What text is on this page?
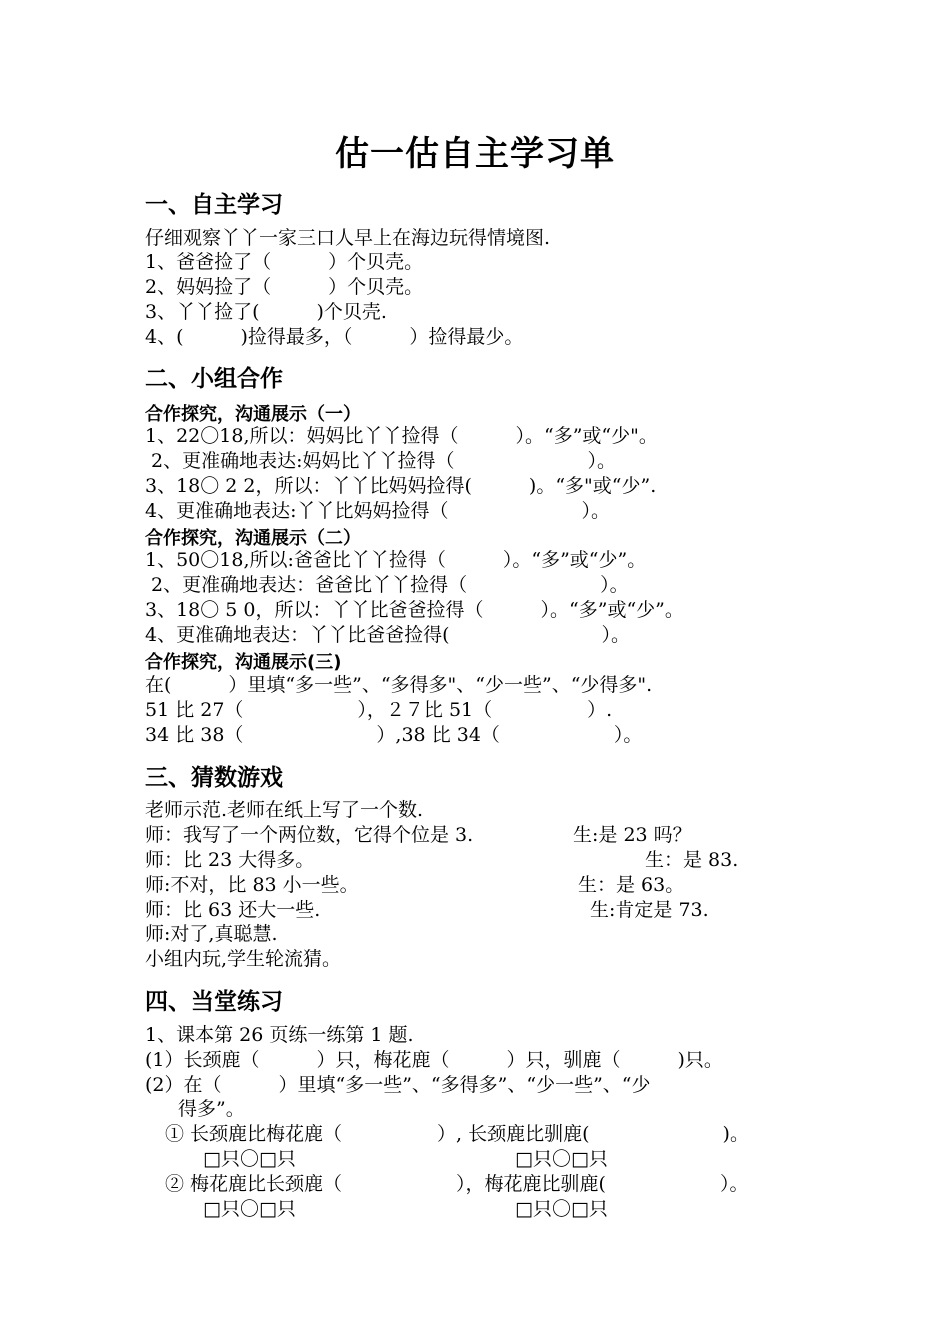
估一估自主学习单
一、自主学习
仔细观察丫丫一家三口人早上在海边玩得情境图.
1、爸爸捡了（　　　）个贝壳。
2、妈妈捡了（　　　）个贝壳。
3、丫丫捡了(　　　)个贝壳.
4、(　　　)捡得最多，（　　　）捡得最少。
二、小组合作
合作探究，沟通展示（一）
1、22〇18,所以：妈妈比丫丫捡得（　　　）。“多”或“少"。
2、更准确地表达:妈妈比丫丫捡得（　　　　　　　）。
3、18〇 2 2，所以：丫丫比妈妈捡得(　　　)。“多"或“少”.
4、更准确地表达:丫丫比妈妈捡得（　　　　　　　）。
合作探究，沟通展示（二）
1、50〇18,所以:爸爸比丫丫捡得（　　　）。“多”或“少”。
2、更准确地表达：爸爸比丫丫捡得（　　　　　　　）。
3、18〇 5 0，所以：丫丫比爸爸捡得（　　　）。“多”或“少”。
4、更准确地表达：丫丫比爸爸捡得(　　　　　　　　）。
合作探究，沟通展示(三)
在(　　　）里填“多一些”、“多得多"、“少一些”、“少得多".
51 比 27（　　　　　　），２７比 51（　　　　　）.
34 比 38（　　　　　　　）,38 比 34（　　　　　　）。
三、猜数游戏
老师示范.老师在纸上写了一个数.
师：我写了一个两位数，它得个位是 3.	生:是 23 吗？
师：比 23 大得多。	生：是 83.
师:不对，比 83 小一些。	生：是 63。
师：比 63 还大一些.	生:肯定是 73.
师:对了,真聪慧.
小组内玩,学生轮流猜。
四、当堂练习
1、课本第 26 页练一练第 1 题.
(1）长颈鹿（　　　）只，梅花鹿（　　　）只，驯鹿（　　　)只。
(2）在（　　　）里填“多一些”、“多得多”、“少一些”、“少
得多”。
① 长颈鹿比梅花鹿（　　　　　）, 长颈鹿比驯鹿(　　　　　　　)。
□只〇□只	□只〇□只
② 梅花鹿比长颈鹿（　　　　　　），梅花鹿比驯鹿(　　　　　　）。
□只〇□只	□只〇□只
